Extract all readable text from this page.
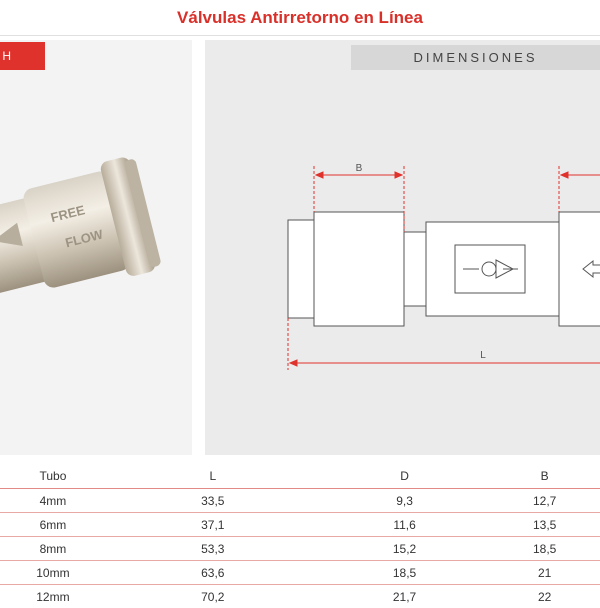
Válvulas Antirretorno en Línea
FREE
FLOW
H	DIMENSIONES
B
L
Tubo	L	D	B
4mm	33,5	9,3	12,7
6mm	37,1	11,6	13,5
8mm	53,3	15,2	18,5
10mm	63,6	18,5	21
12mm	70,2	21,7	22
